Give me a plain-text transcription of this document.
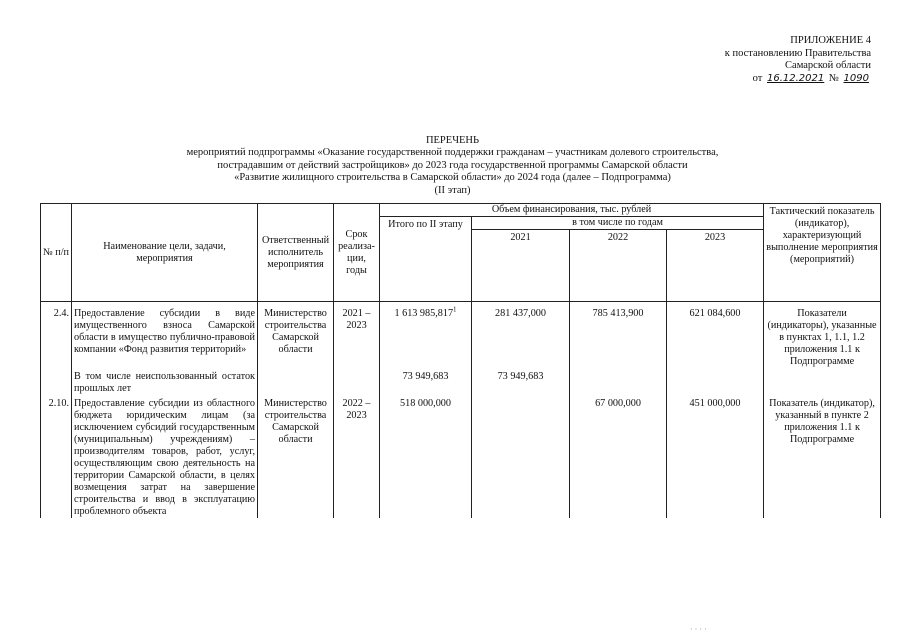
ПРИЛОЖЕНИЕ 4
к постановлению Правительства
Самарской области
от 16.12.2021 № 1090
ПЕРЕЧЕНЬ
мероприятий подпрограммы «Оказание государственной поддержки гражданам – участникам долевого строительства,
пострадавшим от действий застройщиков» до 2023 года государственной программы Самарской области
«Развитие жилищного строительства в Самарской области» до 2024 года (далее – Подпрограмма)
(II этап)
№ п/п	Наименование цели, задачи, мероприятия	Ответственный исполнитель мероприятия	Срок реализа-ции, годы	Объем финансирования, тыс. рублей				Тактический показатель (индикатор), характеризующий выполнение мероприятия (мероприятий)
				Итого по II этапу	в том числе по годам			
					2021	2022	2023	

2.4.	Предоставление субсидии в виде имущественного взноса Самарской области в имущество публично-правовой компании «Фонд развития территорий»	Министерство строительства Самарской области	2021 – 2023	1 613 985,817$^1$	281 437,000	785 413,900	621 084,600	Показатели (индикаторы), указанные в пунктах 1, 1.1, 1.2 приложения 1.1 к Подпрограмме
	В том числе неиспользованный остаток прошлых лет			73 949,683	73 949,683			
2.10.	Предоставление субсидии из областного бюджета юридическим лицам (за исключением субсидий государственным (муниципальным) учреждениям) – производителям товаров, работ, услуг, осуществляющим свою деятельность на территории Самарской области, в целях возмещения затрат на завершение строительства и ввод в эксплуатацию проблемного объекта	Министерство строительства Самарской области	2022 – 2023	518 000,000		67 000,000	451 000,000	Показатель (индикатор), указанный в пункте 2 приложения 1.1 к Подпрограмме
· · · ·
